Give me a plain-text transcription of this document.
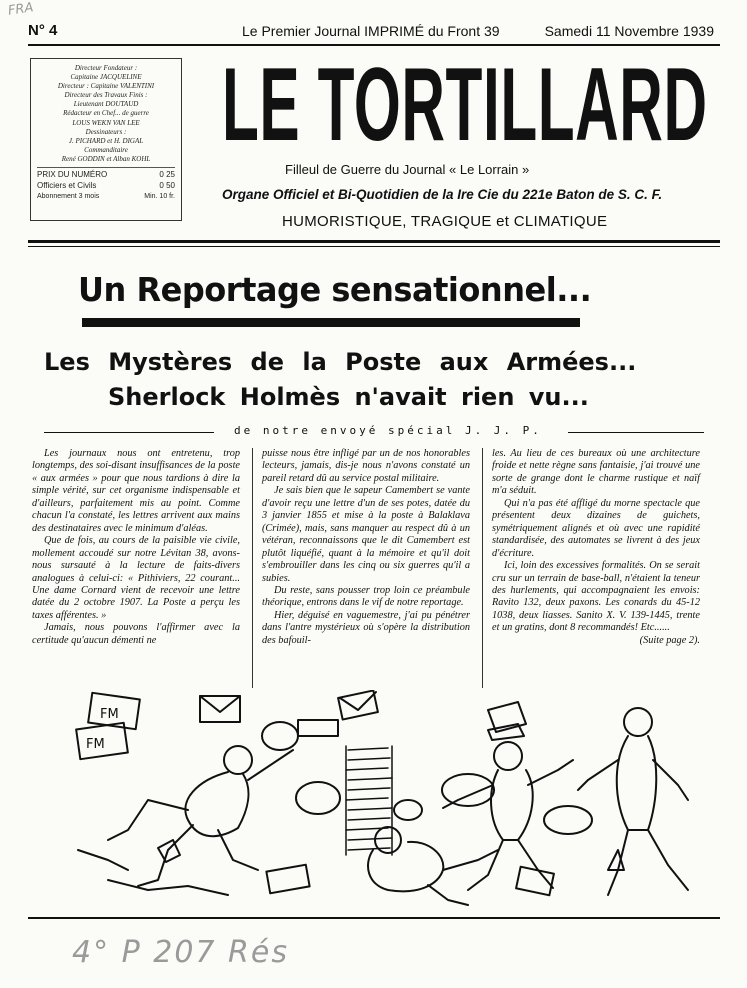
FRA
N° 4	Le Premier Journal IMPRIMÉ du Front 39	Samedi 11 Novembre 1939
Directeur Fondateur :
Capitaine JACQUELINE
Directeur : Capitaine VALENTINI
Directeur des Travaux Finis :
Lieutenant DOUTAUD
Rédacteur en Chef... de guerre
LOUS WEKN VAN LEE
Dessinateurs :
J. PICHARD et H. DIGAL
Commanditaire
René GODDIN et Alban KOHL
PRIX DU NUMÉRO	0 25
Officiers et Civils	0 50
Abonnement 3 mois	Min. 10 fr.
LE TORTILLARD
Filleul de Guerre du Journal « Le Lorrain »
Organe Officiel et Bi-Quotidien de la Ire Cie du 221e Baton de S. C. F.
HUMORISTIQUE, TRAGIQUE et CLIMATIQUE
Un Reportage sensationnel...
Les Mystères de la Poste aux Armées...
Sherlock Holmès n'avait rien vu...
de notre envoyé spécial J. J. P.

Les journaux nous ont entretenu, trop longtemps, des soi-disant insuffisances de la poste « aux armées » pour que nous tardions à dire la simple vérité, sur cet organisme indispensable et d'ailleurs, parfaitement mis au point. Comme chacun l'a constaté, les lettres arrivent aux mains des destinataires avec le minimum d'aléas.

Que de fois, au cours de la paisible vie civile, mollement accoudé sur notre Lévitan 38, avons-nous sursauté à la lecture de faits-divers analogues à celui-ci: « Pithiviers, 22 courant... Une dame Cornard vient de recevoir une lettre datée du 2 octobre 1907. La Poste a perçu les taxes afférentes. »

Jamais, nous pouvons l'affirmer avec la certitude qu'aucun démenti ne

puisse nous être infligé par un de nos honorables lecteurs, jamais, dis-je nous n'avons constaté un pareil retard dû au service postal militaire.

Je sais bien que le sapeur Camembert se vante d'avoir reçu une lettre d'un de ses potes, datée du 3 janvier 1855 et mise à la poste à Balaklava (Crimée), mais, sans manquer au respect dû à un vétéran, reconnaissons que le dit Camembert est plutôt liquéfié, quant à la mémoire et qu'il doit s'embrouiller dans les cinq ou six guerres qu'il a subies.

Du reste, sans pousser trop loin ce préambule théorique, entrons dans le vif de notre reportage.

Hier, déguisé en vaguemestre, j'ai pu pénétrer dans l'antre mystérieux où s'opère la distribution des bafouil-

les. Au lieu de ces bureaux où une architecture froide et nette règne sans fantaisie, j'ai trouvé une sorte de grange dont le charme rustique et naïf m'a séduit.

Qui n'a pas été affligé du morne spectacle que présentent deux dizaines de guichets, symétriquement alignés et où avec une rapidité standardisée, des automates se livrent à des jeux d'écriture.

Ici, loin des excessives formalités. On se serait cru sur un terrain de base-ball, n'étaient la teneur des hurlements, qui accompagnaient les envois: Ravito 132, deux paxons. Les conards du 45-12 1038, deux liasses. Sanito X. V. 139-1445, trente et un gratins, dont 8 recommandés! Etc......

(Suite page 2).

FM
FM
4° P 207 Rés
